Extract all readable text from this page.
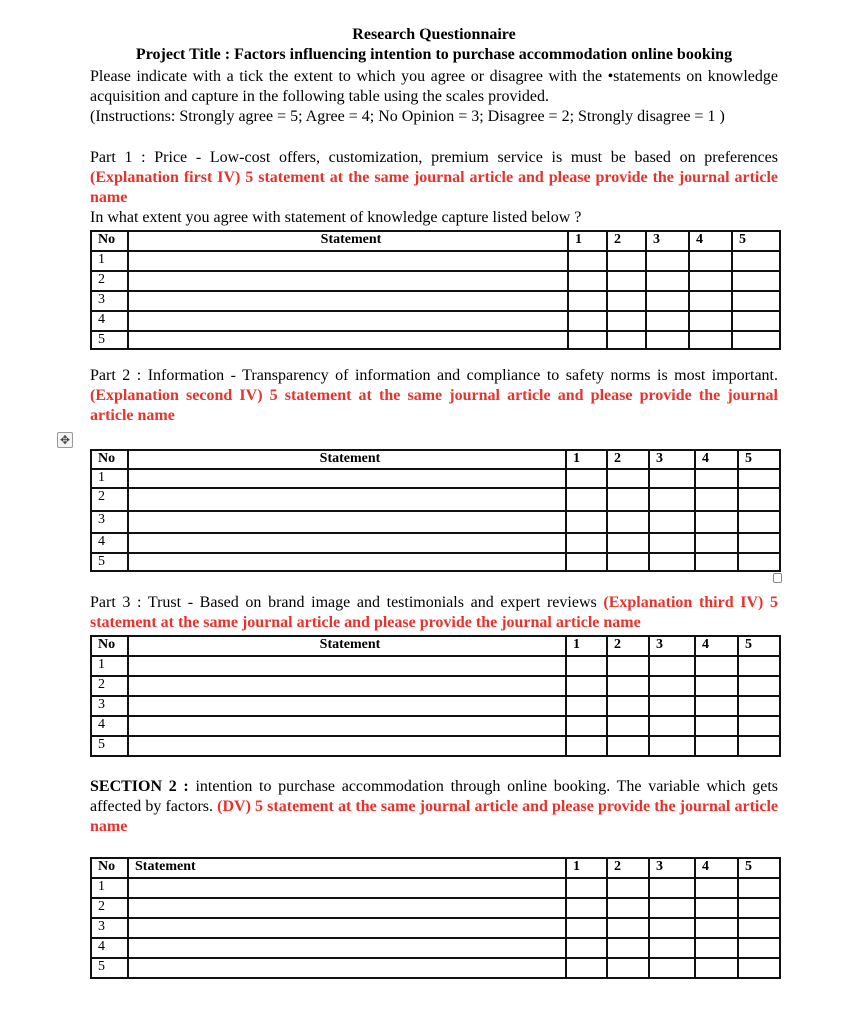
Research Questionnaire
Project Title : Factors influencing intention to purchase accommodation online booking
Please indicate with a tick the extent to which you agree or disagree with the •statements on knowledge acquisition and capture in the following table using the scales provided.
(Instructions: Strongly agree = 5; Agree = 4; No Opinion = 3; Disagree = 2; Strongly disagree = 1 )
Part 1 : Price - Low-cost offers, customization, premium service is must be based on preferences (Explanation first IV) 5 statement at the same journal article and please provide the journal article name
In what extent you agree with statement of knowledge capture listed below ?
Part 2 : Information - Transparency of information and compliance to safety norms is most important. (Explanation second IV) 5 statement at the same journal article and please provide the journal article name
✥
Part 3 : Trust - Based on brand image and testimonials and expert reviews (Explanation third IV) 5 statement at the same journal article and please provide the journal article name
SECTION 2 : intention to purchase accommodation through online booking. The variable which gets affected by factors. (DV) 5 statement at the same journal article and please provide the journal article name
No	Statement	1	2	3	4	5
1						
2						
3						
4						
5						
No	Statement	1	2	3	4	5
1						
2						
3						
4						
5						
No	Statement	1	2	3	4	5
1						
2						
3						
4						
5						
No	Statement	1	2	3	4	5
1						
2						
3						
4						
5						
